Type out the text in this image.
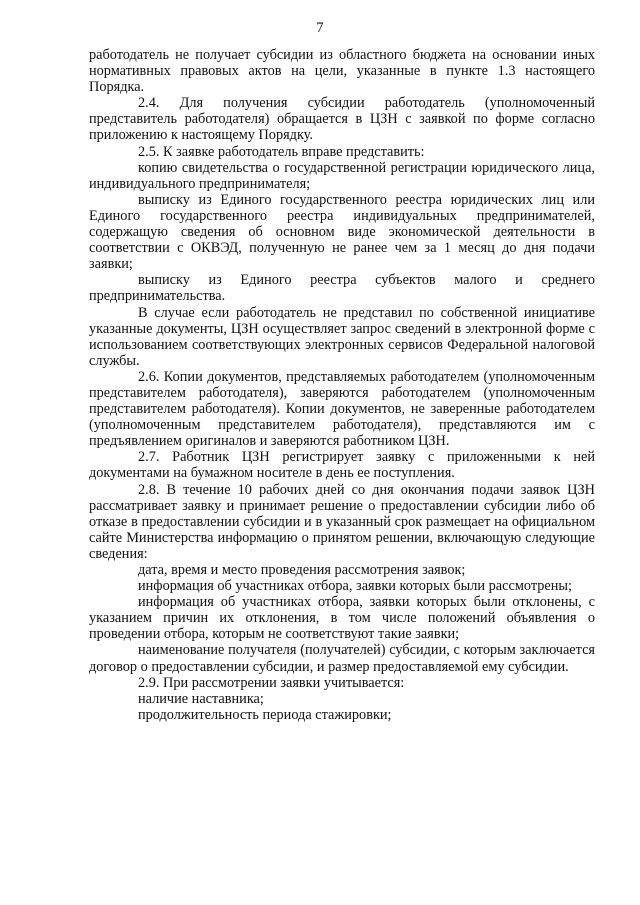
7

работодатель не получает субсидии из областного бюджета на основании иных нормативных правовых актов на цели, указанные в пункте 1.3 настоящего Порядка.

2.4. Для получения субсидии работодатель (уполномоченный представитель работодателя) обращается в ЦЗН с заявкой по форме согласно приложению к настоящему Порядку.

2.5. К заявке работодатель вправе представить:

копию свидетельства о государственной регистрации юридического лица, индивидуального предпринимателя;

выписку из Единого государственного реестра юридических лиц или Единого государственного реестра индивидуальных предпринимателей, содержащую сведения об основном виде экономической деятельности в соответствии с ОКВЭД, полученную не ранее чем за 1 месяц до дня подачи заявки;

выписку из Единого реестра субъектов малого и среднего предпринимательства.

В случае если работодатель не представил по собственной инициативе указанные документы, ЦЗН осуществляет запрос сведений в электронной форме с использованием соответствующих электронных сервисов Федеральной налоговой службы.

2.6. Копии документов, представляемых работодателем (уполномоченным представителем работодателя), заверяются работодателем (уполномоченным представителем работодателя). Копии документов, не заверенные работодателем (уполномоченным представителем работодателя), представляются им с предъявлением оригиналов и заверяются работником ЦЗН.

2.7. Работник ЦЗН регистрирует заявку с приложенными к ней документами на бумажном носителе в день ее поступления.

2.8. В течение 10 рабочих дней со дня окончания подачи заявок ЦЗН рассматривает заявку и принимает решение о предоставлении субсидии либо об отказе в предоставлении субсидии и в указанный срок размещает на официальном сайте Министерства информацию о принятом решении, включающую следующие сведения:

дата, время и место проведения рассмотрения заявок;

информация об участниках отбора, заявки которых были рассмотрены;

информация об участниках отбора, заявки которых были отклонены, с указанием причин их отклонения, в том числе положений объявления о проведении отбора, которым не соответствуют такие заявки;

наименование получателя (получателей) субсидии, с которым заключается договор о предоставлении субсидии, и размер предоставляемой ему субсидии.

2.9. При рассмотрении заявки учитывается:

наличие наставника;

продолжительность периода стажировки;
